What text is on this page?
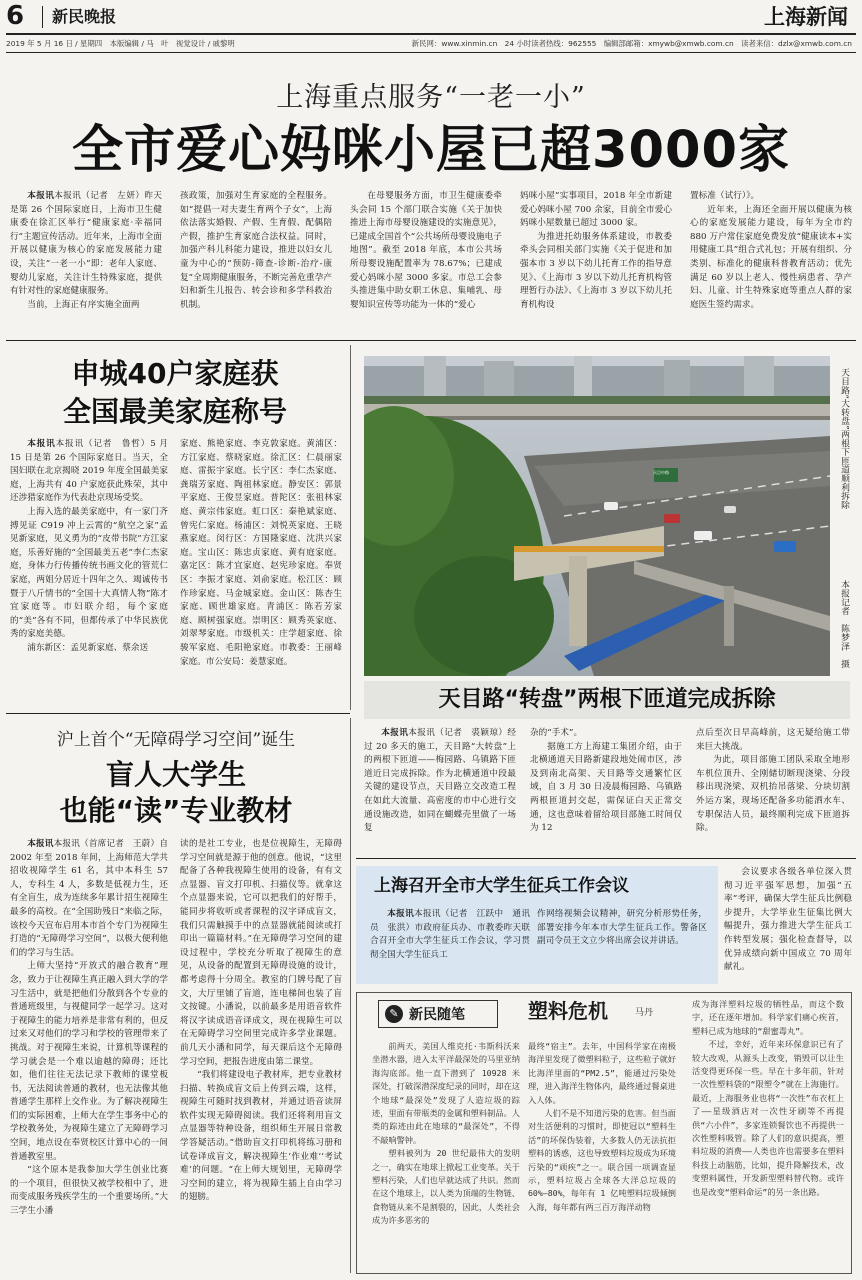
6 新民晚报	上海新闻
2019 年 5 月 16 日 / 星期四　本版编辑 / 马　叶　视觉设计 / 戚黎明	新民网：www.xinmin.cn　24 小时读者热线：962555　编辑部邮箱：xmywb@xmwb.com.cn　读者来信：dzlx@xmwb.com.cn
上海重点服务“一老一小”
全市爱心妈咪小屋已超3000家

本报讯本报讯（记者　左妍）昨天是第 26 个国际家庭日，上海市卫生健康委在徐汇区举行“健康家庭·幸福同行”主题宣传活动。近年来，上海市全面开展以健康为核心的家庭发展能力建设，关注“一老一小”即：老年人家庭、婴幼儿家庭，关注计生特殊家庭，提供有针对性的家庭健康服务。

当前，上海正有序实施全面两

孩政策，加强对生育家庭的全程服务。如“提倡一对夫妻生育两个子女”，上海依法落实婚假、产假、生育假、配偶陪产假，推护生育家庭合法权益。同时，加强产科儿科能力建设，推进以妇女儿童为中心的“预防-筛查-诊断-治疗-康复”全周期健康服务，不断完善危重孕产妇和新生儿报告、转会诊和多学科救治机制。

在母婴服务方面，市卫生健康委牵头会同 15 个部门联合实施《关于加快推进上海市母婴设施建设的实施意见》，已建成全国首个“公共场所母婴设施电子地图”。截至 2018 年底，本市公共场所母婴设施配置率为 78.67%；已建成爱心妈咪小屋 3000 多家。市总工会参头推进集中助女职工休息、集哺乳、母婴知识宣传等功能为一体的“爱心

妈咪小屋”实事项目，2018 年全市新建爱心妈咪小屋 700 余家，目前全市爱心妈咪小屋数量已超过 3000 家。

为推进托幼服务体系建设，市教委牵头会同相关部门实施《关于促进和加强本市 3 岁以下幼儿托育工作的指导意见》、《上海市 3 岁以下幼儿托育机构管理暂行办法》、《上海市 3 岁以下幼儿托育机构设

置标准（试行）》。

近年来，上海还全面开展以健康为核心的家庭发展能力建设，每年为全市约 880 万户常住家庭免费发放“健康读本+实用健康工具”组合式礼包；开展有组织、分类别、标准化的健康科普教育活动；优先满足 60 岁以上老人、慢性病患者、孕产妇、儿童、计生特殊家庭等重点人群的家庭医生签约需求。

申城40户家庭获
全国最美家庭称号

本报讯本报讯（记者　鲁哲）5 月 15 日是第 26 个国际家庭日。当天，全国妇联在北京揭晓 2019 年度全国最美家庭，上海共有 40 户家庭获此殊荣，其中还涉猎家庭作为代表赴京现场受奖。

上海入选的最美家庭中，有一家门齐搏见证 C919 冲上云霄的“航空之家”孟见新家庭，见义勇为的“皮带书院”方江家庭，乐善好施的“全国最美五老”李仁杰家庭，身体力行传播传统书画文化的管荒仁家庭，两姐分居近十四年之久、竭诚传书暨于八斤情书的“全国十大真情人物”陈才宜家庭等。市妇联介绍，每个家庭的“美”各有不同，但都传承了中华民族优秀的家庭美德。

浦东新区：孟见新家庭、蔡余送

家庭、熊艳家庭、李克敦家庭。黄浦区：方江家庭、蔡晓家庭。徐汇区：仁晨丽家庭、雷振宇家庭。长宁区：李仁杰家庭、龚瑞芳家庭、陶祖林家庭。静安区：郭景平家庭、王俊昱家庭。普陀区：张祖林家庭、黄宗伟家庭。虹口区：秦艳斌家庭、曾宪仁家庭。杨浦区：刘悦英家庭、王晓燕家庭。闵行区：方国隆家庭、沈洪兴家庭。宝山区：陈忠贞家庭、黄有庭家庭。嘉定区：陈才宜家庭、赵宪珍家庭。奉贤区：李振才家庭、刘俞家庭。松江区：顾作珍家庭、马金城家庭。金山区：陈杏生家庭、顾世雄家庭。青浦区：陈若芳家庭、顾树强家庭。崇明区：顾秀英家庭、刘翠琴家庭。市级机关：庄学超家庭、徐骏军家庭、毛阳艳家庭。市教委：王丽峰家庭。市公安局：姜慧家庭。

天目中路	天目路“大转盘”两根下匝道顺利拆除
本报记者　陈梦泽　摄
天目路“转盘”两根下匝道完成拆除

本报讯本报讯（记者　裘颖琼）经过 20 多天的施工，天目路“大转盘”上的两根下匝道——梅园路、乌镇路下匝道近日完成拆除。作为北横通道中段最关键的建设节点，天目路立交改造工程在如此大流量、高密度的市中心进行交通设施改造，如同在蝴蝶壳里做了一场复

杂的“手术”。

据施工方上海建工集团介绍，由于北横通道天目路新建段地处闹市区，涉及到南北高架、天目路等交通繁忙区域，自 3 月 30 日凌晨梅园路、乌镇路两根匝道封交起，需保证白天正常交通，这也意味着留给项目部施工时间仅为 12

点后至次日早高峰前，这无疑给施工带来巨大挑战。

为此，项目部施工团队采取全地形车机位顶升、全刚储切断现浇梁、分段移出现浇梁、双机抬吊落梁、分块切割外运方案，现场还配备多功能洒水车、专职保洁人员，最终顺利完成下匝道拆除。

沪上首个“无障碍学习空间”诞生
盲人大学生
也能“读”专业教材

本报讯本报讯（首席记者　王蔚）自 2002 年至 2018 年间，上海师范大学共招收视障学生 61 名，其中本科生 57 人，专科生 4 人，多数是低视力生，还有全盲生，成为连续多年累计招生视障生最多的高校。在“全国助残日”来临之际，该校今天宣布启用本市首个专门为视障生打造的“无障碍学习空间”，以极大便利他们的学习与生活。

上师大坚持“开放式的融合教育”理念，致力于让视障生真正融入到大学的学习生活中，就是把他们分散到各个专业的普通班级里，与视健同学一起学习。这对于视障生的能力培养是非常有利的，但反过来又对他们的学习和学校的管理带来了挑战。对于视障生来说，计算机等课程的学习就会是一个难以逾越的障碍；还比如，他们往往无法记录下教师的课堂板书，无法阅读普通的教材，也无法像其他普通学生那样上交作业。为了解决视障生们的实际困难，上师大在学生事务中心的学校教务处，为视障生建立了无障碍学习空间，地点设在奉贤校区计算中心的一间普通教室里。

“这个原本是我参加大学生创业比赛的一个项目，但很快又被学校相中了，进而变成服务残疾学生的一个重要场所。”大三学生小潘

读的是社工专业，也是位视障生，无障碍学习空间就是源于他的创意。他说，“这里配备了各种我视障生使用的设备，有有文点显器、盲文打印机、扫描仪等。就拿这个点显器来说，它可以把我们的好帮手，能同步将收听或者课程的汉字译成盲文，我们只需触摸手中的点显器就能阅读或打印出一篇篇材料。”在无障碍学习空间的建设过程中，学校充分听取了视障生的意见，从设备的配置到无障碍设施的设计，都考虑得十分周全。教室的门牌号配了盲文，大厅里铺了盲道，连电梯间也装了盲文按键。小潘说，以前最多是用语音软件将汉字读成语音译成文，现在视障生可以在无障碍学习空间里完成许多学业课题。前几天小潘和同学，每天课后这个无障碍学习空间，把报告进度由第二课堂。

“我们将建设电子教材库，把专业教材扫描、转换成盲文后上传到云端，这样，视障生可随时找到教材，并通过语音读屏软件实现无障碍阅读。我们还将利用盲文点显器等特种设备，组织师生开展日常教学答疑活动。”借助盲文打印机将练习册和试卷译成盲文，解决视障生‘作业难’‘考试难’的问题。“在上师大规划里，无障碍学习空间的建立，将为视障生插上自由学习的翅膀。

上海召开全市大学生征兵工作会议

本报讯本报讯（记者　江跃中　通讯员　张洪）市政府征兵办、市教委昨天联合召开全市大学生征兵工作会议，学习贯彻全国大学生征兵工

作网络视频会议精神，研究分析形势任务，部署安排今年本市大学生征兵工作。警备区副司令员王文立少将出席会议并讲话。

会议要求各级各单位深入贯彻习近平强军思想，加强“五率”考评，确保大学生征兵比例稳步提升，大学毕业生征集比例大幅提升，强力推进大学生征兵工作转型发展；强化检查督导，以优异成绩向新中国成立 70 周年献礼。

✎ 新民随笔	塑料危机	马丹

前两天，美国人维克托·韦斯科沃来坐潜水器，进入太平洋最深处的马里亚纳海沟底部。他一直下潜到了 10928 米深处，打破深潜深度纪录的同时，却在这个地球“最深处”发现了人造垃圾的踪迹，里面有带瓶类的金属和塑料制品。人类的踪迹由此在地球的“最深处”，不得不敲响警钟。

塑料被列为 20 世纪最伟大的发明之一，确实在地球上掀起工业变革。关于塑料污染，人们也早就达成了共识。然而在这个地球上，以人类为顶端的生物链、食物链从来不是割裂的，因此，人类社会成为许多恶劣的

最终“宿主”。去年，中国科学家在南极海洋里发现了微塑料粒子，这些粒子就好比海洋里面的“PM2.5”，能通过污染处理，进入海洋生物体内，最终通过餐桌进入人体。

人们不是不知道污染的危害。但当面对生活便利的习惯时，即使冠以“塑料生活”的坏保伪装着，大多数人仍无法抗拒塑料的诱惑，这也导致塑料垃圾成为环境污染的“顽疾”之一。联合国一项调查显示，塑料垃圾占全球各大洋总垃圾的 60%—80%，每年有 1 亿吨塑料垃圾倾倒入海，每年都有两三百万海洋动物

成为海洋塑料垃圾的牺牲品，而这个数字，还在逐年增加。科学家们痛心疾首，塑料已成为地球的“甜蜜毒丸”。

不过，幸好，近年来环保意识已有了较大改观，从源头上改变，销毁可以让生活变得更环保一些。早在十多年前，针对一次性塑料袋的“限塑令”就在上海施行。最近，上海服务业也将“一次性”布衣杠上了——星级酒店对一次性牙刷等不再提供“六小件”，多家连锁餐饮也不再提供一次性塑料吸管。除了人们的意识提高，塑料垃圾的消费——人类也许也需要多在塑料科技上动脑筋，比如，提升降解技术，改变塑料属性，开发新型塑料替代物。或许也是改变“塑料命运”的另一条出路。
